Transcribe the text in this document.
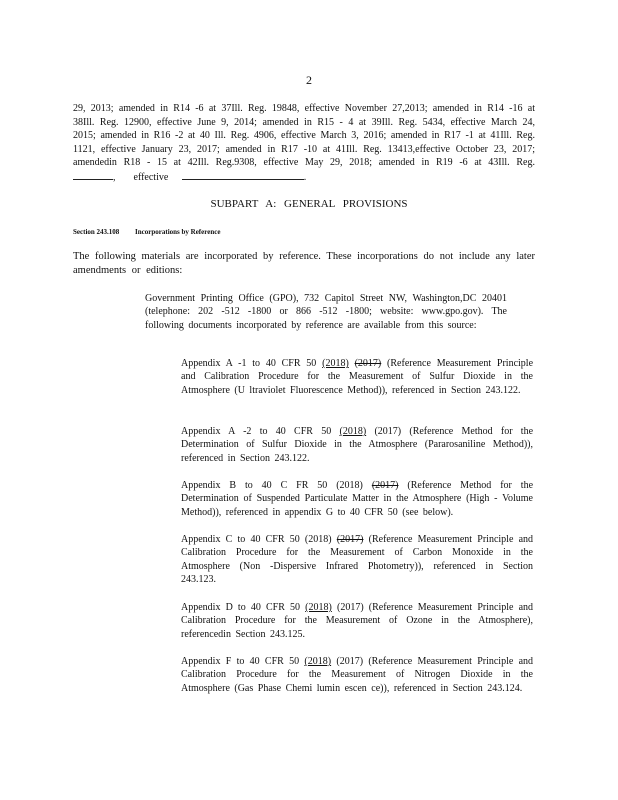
2
29, 2013; amended in R14 -6 at 37Ill. Reg. 19848, effective November 27,2013; amended in R14 -16 at 38Ill. Reg. 12900, effective June 9, 2014; amended in R15 - 4 at 39Ill. Reg. 5434, effective March 24, 2015; amended in R16 -2 at 40 Ill. Reg. 4906, effective March 3, 2016; amended in R17 -1 at 41Ill. Reg. 1121, effective January 23, 2017; amended in R17 -10 at 41Ill. Reg. 13413,effective October 23, 2017; amendedin R18 - 15 at 42Ill. Reg.9308, effective May 29, 2018; amended in R19 -6 at 43Ill. Reg. ,    effective	.
SUBPART A: GENERAL PROVISIONS
Section 243.108 Incorporations by Reference
The following materials are incorporated by reference. These incorporations do not include any later amendments or editions:
Government Printing Office (GPO), 732 Capitol Street NW, Washington,DC 20401 (telephone: 202 -512 -1800 or 866 -512 -1800; website: www.gpo.gov). The following documents incorporated by reference are available from this source:
Appendix A -1 to 40 CFR 50 (2018) (2017) (Reference Measurement Principle and Calibration Procedure for the Measurement of Sulfur Dioxide in the Atmosphere (U ltraviolet Fluorescence Method)), referenced in Section 243.122.
Appendix A -2 to 40 CFR 50 (2018) (2017) (Reference Method for the Determination of Sulfur Dioxide in the Atmosphere (Pararosaniline Method)), referenced in Section 243.122.
Appendix B to 40 C FR 50 (2018) (2017) (Reference Method for the Determination of Suspended Particulate Matter in the Atmosphere (High - Volume Method)), referenced in appendix G to 40 CFR 50 (see below).
Appendix C to 40 CFR 50 (2018) (2017) (Reference Measurement Principle and Calibration Procedure for the Measurement of Carbon Monoxide in the Atmosphere (Non -Dispersive Infrared Photometry)), referenced in Section 243.123.
Appendix D to 40 CFR 50 (2018) (2017) (Reference Measurement Principle and Calibration Procedure for the Measurement of Ozone in the Atmosphere), referencedin Section 243.125.
Appendix F to 40 CFR 50 (2018) (2017) (Reference Measurement Principle and Calibration Procedure for the Measurement of Nitrogen Dioxide in the Atmosphere (Gas Phase Chemi lumin escen ce)), referenced in Section 243.124.
